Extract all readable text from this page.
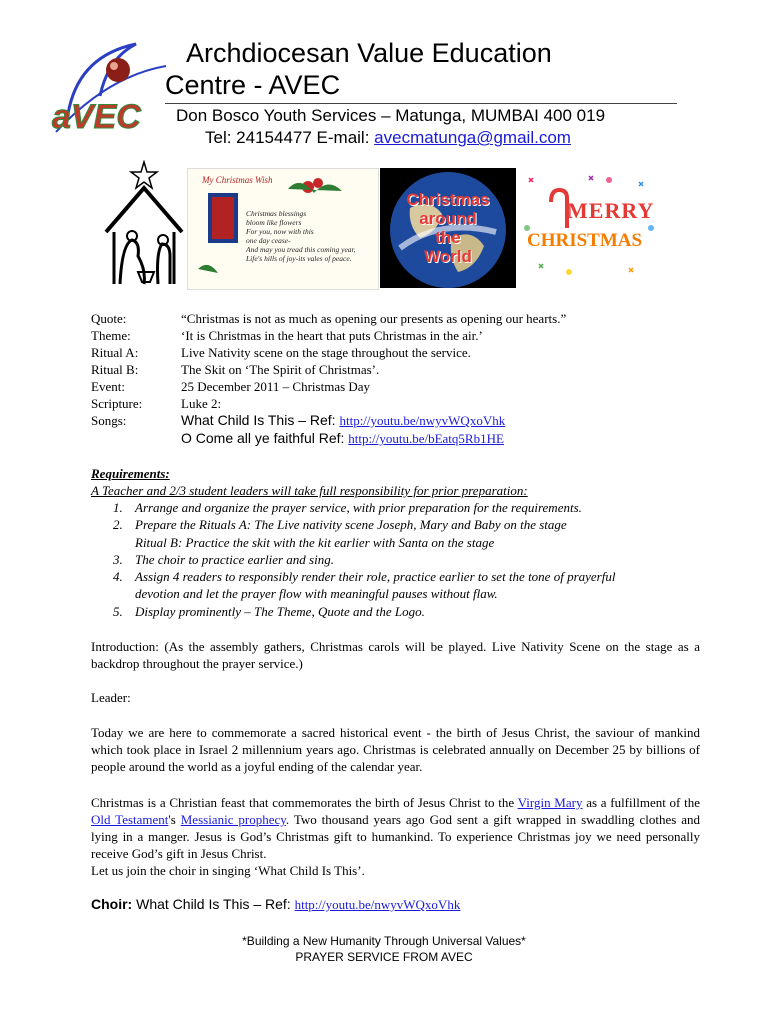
aVEC
Archdiocesan Value Education
Centre - AVEC
Don Bosco Youth Services – Matunga, MUMBAI 400 019
Tel: 24154477 E-mail: avecmatunga@gmail.com
My Christmas Wish
Christmas blessings
bloom like flowers
For you, now with this
one day cease-
And may you tread this coming year,
Life's hills of joy-its vales of peace.
Christmas
around
the
World
MERRY
CHRISTMAS
Quote:	“Christmas is not as much as opening our presents as opening our hearts.”
Theme:	‘It is Christmas in the heart that puts Christmas in the air.’
Ritual A:	Live Nativity scene on the stage throughout the service.
Ritual B:	The Skit on ‘The Spirit of Christmas’.
Event:	25 December 2011 – Christmas Day
Scripture:	Luke 2:
Songs:	What Child Is This – Ref: http://youtu.be/nwyvWQxoVhk
O Come all ye faithful Ref: http://youtu.be/bEatq5Rb1HE
Requirements:
A Teacher and 2/3 student leaders will take full responsibility for prior preparation:
1. Arrange and organize the prayer service, with prior preparation for the requirements.
2. Prepare the Rituals A: The Live nativity scene Joseph, Mary and Baby on the stage
Ritual B: Practice the skit with the kit earlier with Santa on the stage
3. The choir to practice earlier and sing.
4. Assign 4 readers to responsibly render their role, practice earlier to set the tone of prayerful
devotion and let the prayer flow with meaningful pauses without flaw.
5. Display prominently – The Theme, Quote and the Logo.
Introduction: (As the assembly gathers, Christmas carols will be played. Live Nativity Scene on the stage as a backdrop throughout the prayer service.)
Leader:
Today we are here to commemorate a sacred historical event - the birth of Jesus Christ, the saviour of mankind which took place in Israel 2 millennium years ago. Christmas is celebrated annually on December 25 by billions of people around the world as a joyful ending of the calendar year.

Christmas is a Christian feast that commemorates the birth of Jesus Christ to the Virgin Mary as a fulfillment of the Old Testament's Messianic prophecy. Two thousand years ago God sent a gift wrapped in swaddling clothes and lying in a manger. Jesus is God’s Christmas gift to humankind. To experience Christmas joy we need personally receive God’s gift in Jesus Christ.

Let us join the choir in singing ‘What Child Is This’.

Choir: What Child Is This – Ref: http://youtu.be/nwyvWQxoVhk
*Building a New Humanity Through Universal Values*
PRAYER SERVICE FROM AVEC
